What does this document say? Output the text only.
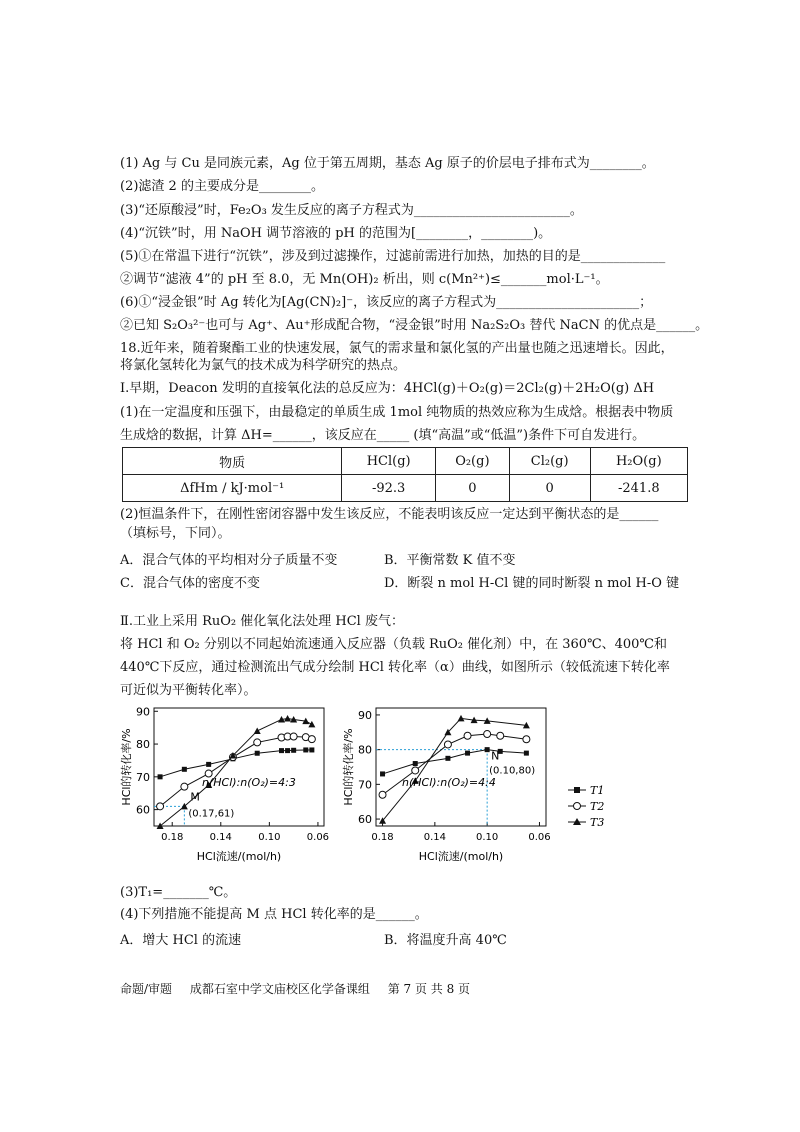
(1) Ag 与 Cu 是同族元素，Ag 位于第五周期，基态 Ag 原子的价层电子排布式为________。
(2)滤渣 2 的主要成分是________。
(3)“还原酸浸”时，Fe₂O₃ 发生反应的离子方程式为________________________。
(4)“沉铁”时，用 NaOH 调节溶液的 pH 的范围为[________，________)。
(5)①在常温下进行“沉铁”，涉及到过滤操作，过滤前需进行加热，加热的目的是_____________
②调节“滤液 4”的 pH 至 8.0，无 Mn(OH)₂ 析出，则 c(Mn²⁺)≤_______mol·L⁻¹。
(6)①“浸金银”时 Ag 转化为[Ag(CN)₂]⁻，该反应的离子方程式为______________________；
②已知 S₂O₃²⁻也可与 Ag⁺、Au⁺形成配合物，“浸金银”时用 Na₂S₂O₃ 替代 NaCN 的优点是______。
18.近年来，随着聚酯工业的快速发展，氯气的需求量和氯化氢的产出量也随之迅速增长。因此，
将氯化氢转化为氯气的技术成为科学研究的热点。
Ⅰ.早期，Deacon 发明的直接氧化法的总反应为：4HCl(g)＋O₂(g)＝2Cl₂(g)＋2H₂O(g) ΔH
(1)在一定温度和压强下，由最稳定的单质生成 1mol 纯物质的热效应称为生成焓。根据表中物质
生成焓的数据，计算 ΔH=______，该反应在_____ (填“高温”或“低温”)条件下可自发进行。
物质	HCl(g)	O₂(g)	Cl₂(g)	H₂O(g)
ΔfHm / kJ·mol⁻¹	-92.3	0	0	-241.8
(2)恒温条件下，在刚性密闭容器中发生该反应，不能表明该反应一定达到平衡状态的是______
（填标号，下同）。
A．混合气体的平均相对分子质量不变	B．平衡常数 K 值不变
C．混合气体的密度不变	D．断裂 n mol H-Cl 键的同时断裂 n mol H-O 键
Ⅱ.工业上采用 RuO₂ 催化氧化法处理 HCl 废气：
将 HCl 和 O₂ 分别以不同起始流速通入反应器（负载 RuO₂ 催化剂）中，在 360℃、400℃和
440℃下反应，通过检测流出气成分绘制 HCl 转化率（α）曲线，如图所示（较低流速下转化率
可近似为平衡转化率）。
60
70
80
90
0.18	0.14	0.10	0.06
HCl流速/(mol/h)
HCl的转化率/%	M
(0.17,61)
n(HCl):n(O₂)=4:3
60
70
80
90
0.18	0.14	0.10	0.06
HCl流速/(mol/h)
HCl的转化率/%	N
(0.10,80)
n(HCl):n(O₂)=4:4
T1
T2
T3
(3)T₁=_______℃。
(4)下列措施不能提高 M 点 HCl 转化率的是______。
A．增大 HCl 的流速	B．将温度升高 40℃
命题/审题 成都石室中学文庙校区化学备课组 第 7 页 共 8 页
